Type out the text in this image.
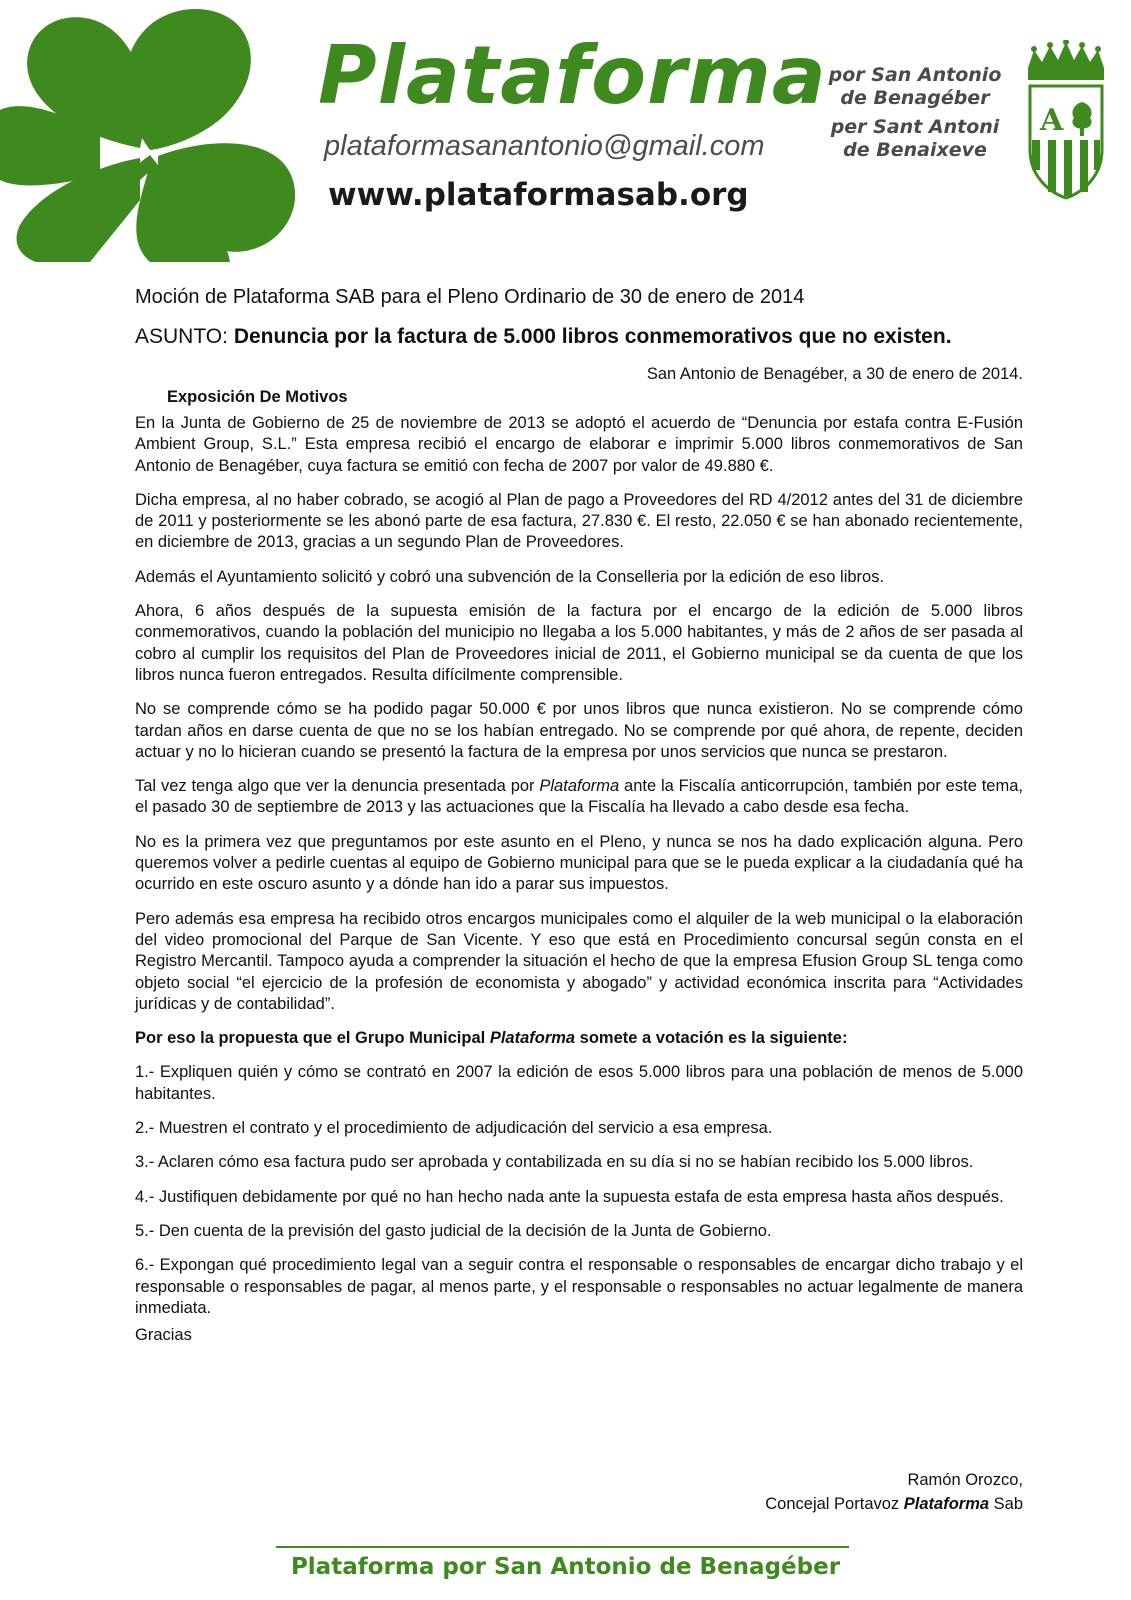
Plataforma
plataformasanantonio@gmail.com
www.plataformasab.org
por San Antonio
de Benagéber
per Sant Antoni
de Benaixeve
A
Moción de Plataforma SAB para el Pleno Ordinario de 30 de enero de 2014
ASUNTO: Denuncia por la factura de 5.000 libros conmemorativos que no existen.
San Antonio de Benagéber, a 30 de enero de 2014.
Exposición De Motivos

En la Junta de Gobierno de 25 de noviembre de 2013 se adoptó el acuerdo de “Denuncia por estafa contra E-Fusión Ambient Group, S.L.” Esta empresa recibió el encargo de elaborar e imprimir 5.000 libros conmemorativos de San Antonio de Benagéber, cuya factura se emitió con fecha de 2007 por valor de 49.880 €.

Dicha empresa, al no haber cobrado, se acogió al Plan de pago a Proveedores del RD 4/2012 antes del 31 de diciembre de 2011 y posteriormente se les abonó parte de esa factura, 27.830 €. El resto, 22.050 € se han abonado recientemente, en diciembre de 2013, gracias a un segundo Plan de Proveedores.

Además el Ayuntamiento solicitó y cobró una subvención de la Conselleria por la edición de eso libros.

Ahora, 6 años después de la supuesta emisión de la factura por el encargo de la edición de 5.000 libros conmemorativos, cuando la población del municipio no llegaba a los 5.000 habitantes, y más de 2 años de ser pasada al cobro al cumplir los requisitos del Plan de Proveedores inicial de 2011, el Gobierno municipal se da cuenta de que los libros nunca fueron entregados. Resulta difícilmente comprensible.

No se comprende cómo se ha podido pagar 50.000 € por unos libros que nunca existieron. No se comprende cómo tardan años en darse cuenta de que no se los habían entregado. No se comprende por qué ahora, de repente, deciden actuar y no lo hicieran cuando se presentó la factura de la empresa por unos servicios que nunca se prestaron.

Tal vez tenga algo que ver la denuncia presentada por Plataforma ante la Fiscalía anticorrupción, también por este tema, el pasado 30 de septiembre de 2013 y las actuaciones que la Fiscalía ha llevado a cabo desde esa fecha.

No es la primera vez que preguntamos por este asunto en el Pleno, y nunca se nos ha dado explicación alguna. Pero queremos volver a pedirle cuentas al equipo de Gobierno municipal para que se le pueda explicar a la ciudadanía qué ha ocurrido en este oscuro asunto y a dónde han ido a parar sus impuestos.

Pero además esa empresa ha recibido otros encargos municipales como el alquiler de la web municipal o la elaboración del video promocional del Parque de San Vicente. Y eso que está en Procedimiento concursal según consta en el Registro Mercantil. Tampoco ayuda a comprender la situación el hecho de que la empresa Efusion Group SL tenga como objeto social “el ejercicio de la profesión de economista y abogado” y actividad económica inscrita para “Actividades jurídicas y de contabilidad”.

Por eso la propuesta que el Grupo Municipal Plataforma somete a votación es la siguiente:

1.- Expliquen quién y cómo se contrató en 2007 la edición de esos 5.000 libros para una población de menos de 5.000 habitantes.

2.- Muestren el contrato y el procedimiento de adjudicación del servicio a esa empresa.

3.- Aclaren cómo esa factura pudo ser aprobada y contabilizada en su día si no se habían recibido los 5.000 libros.

4.- Justifiquen debidamente por qué no han hecho nada ante la supuesta estafa de esta empresa hasta años después.

5.- Den cuenta de la previsión del gasto judicial de la decisión de la Junta de Gobierno.

6.- Expongan qué procedimiento legal van a seguir contra el responsable o responsables de encargar dicho trabajo y el responsable o responsables de pagar, al menos parte, y el responsable o responsables no actuar legalmente de manera inmediata.

Gracias

Ramón Orozco,
Concejal Portavoz Plataforma Sab
Plataforma por San Antonio de Benagéber
